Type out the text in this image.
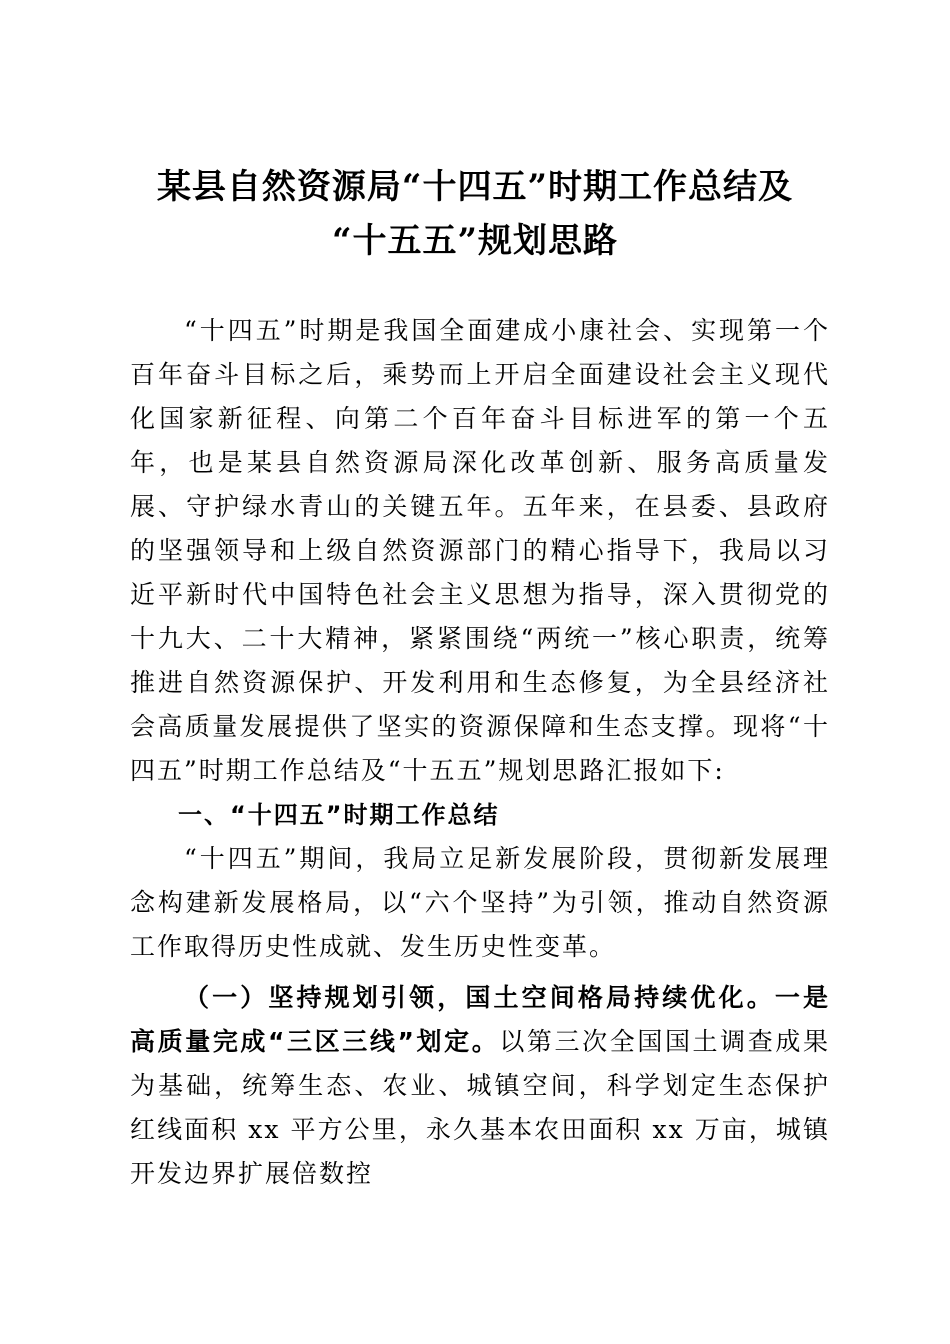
某县自然资源局“十四五”时期工作总结及
“十五五”规划思路

“十四五”时期是我国全面建成小康社会、实现第一个百年奋斗目标之后，乘势而上开启全面建设社会主义现代化国家新征程、向第二个百年奋斗目标进军的第一个五年，也是某县自然资源局深化改革创新、服务高质量发展、守护绿水青山的关键五年。五年来，在县委、县政府的坚强领导和上级自然资源部门的精心指导下，我局以习近平新时代中国特色社会主义思想为指导，深入贯彻党的十九大、二十大精神，紧紧围绕“两统一”核心职责，统筹推进自然资源保护、开发利用和生态修复，为全县经济社会高质量发展提供了坚实的资源保障和生态支撑。现将“十四五”时期工作总结及“十五五”规划思路汇报如下:

一、“十四五”时期工作总结

“十四五”期间，我局立足新发展阶段，贯彻新发展理念构建新发展格局，以“六个坚持”为引领，推动自然资源工作取得历史性成就、发生历史性变革。

（一）坚持规划引领，国土空间格局持续优化。一是高质量完成“三区三线”划定。以第三次全国国土调查成果为基础，统筹生态、农业、城镇空间，科学划定生态保护红线面积 xx 平方公里，永久基本农田面积 xx 万亩，城镇开发边界扩展倍数控
